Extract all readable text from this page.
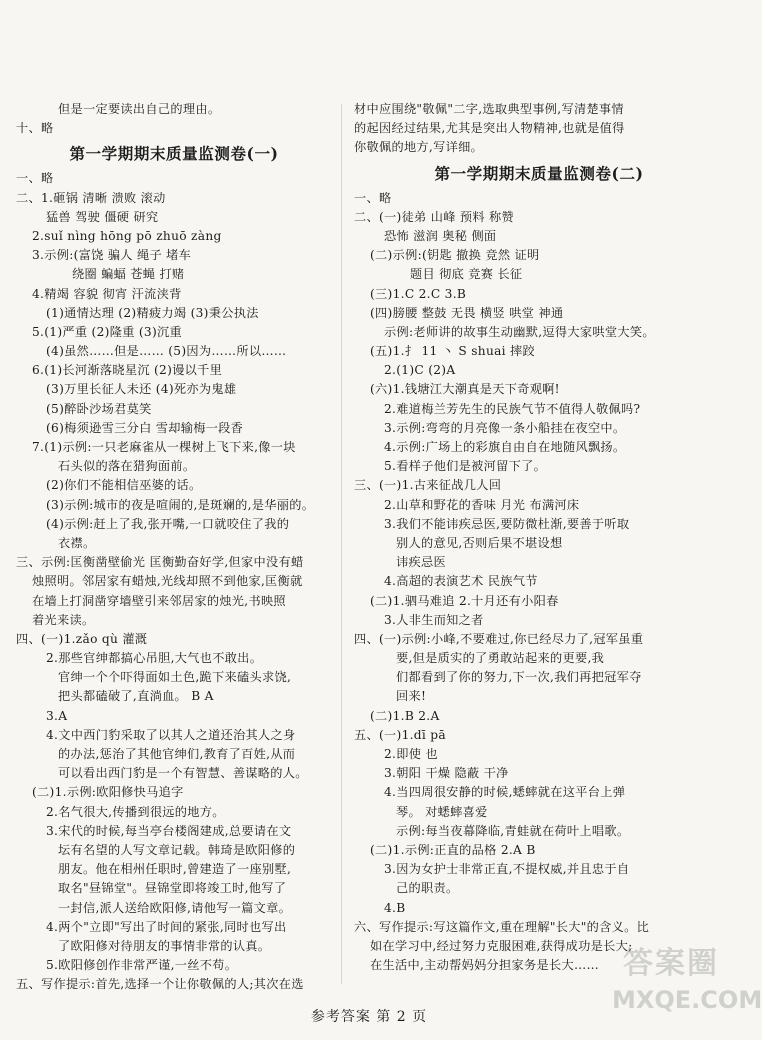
但是一定要读出自己的理由。
十、略
第一学期期末质量监测卷(一)
一、略
二、1.砸锅 清晰 溃败 滚动
猛兽 驾驶 僵硬 研究
2.suǐ nìng hōng pō zhuō zàng
3.示例:(富饶 骗人 绳子 堵车
绕圈 蝙蝠 苍蝇 打赌
4.精竭 容貌 彻宵 汗流浃背
(1)通情达理 (2)精疲力竭 (3)秉公执法
5.(1)严重 (2)隆重 (3)沉重
(4)虽然……但是…… (5)因为……所以……
6.(1)长河渐落晓星沉 (2)谩以千里
(3)万里长征人未还 (4)死亦为鬼雄
(5)醉卧沙场君莫笑
(6)梅须逊雪三分白 雪却输梅一段香
7.(1)示例:一只老麻雀从一棵树上飞下来,像一块
石头似的落在猎狗面前。
(2)你们不能相信巫婆的话。
(3)示例:城市的夜是喧闹的,是斑斓的,是华丽的。
(4)示例:赶上了我,张开嘴,一口就咬住了我的
衣襟。
三、示例:匡衡凿壁偷光 匡衡勤奋好学,但家中没有蜡
烛照明。邻居家有蜡烛,光线却照不到他家,匡衡就
在墙上打洞凿穿墙壁引来邻居家的烛光,书映照
着光来读。
四、(一)1.zǎo qù 灌溉
2.那些官绅都搞心吊胆,大气也不敢出。
官绅一个个吓得面如土色,跪下来磕头求饶,
把头都磕破了,直淌血。 B A
3.A
4.文中西门豹采取了以其人之道还治其人之身
的办法,惩治了其他官绅们,教育了百姓,从而
可以看出西门豹是一个有智慧、善谋略的人。
(二)1.示例:欧阳修快马追字
2.名气很大,传播到很远的地方。
3.宋代的时候,每当亭台楼阁建成,总要请在文
坛有名望的人写文章记载。韩琦是欧阳修的
朋友。他在相州任职时,曾建造了一座别墅,
取名"昼锦堂"。昼锦堂即将竣工时,他写了
一封信,派人送给欧阳修,请他写一篇文章。
4.两个"立即"写出了时间的紧张,同时也写出
了欧阳修对待朋友的事情非常的认真。
5.欧阳修创作非常严谨,一丝不苟。
五、写作提示:首先,选择一个让你敬佩的人;其次在选
材中应围绕"敬佩"二字,选取典型事例,写清楚事情
的起因经过结果,尤其是突出人物精神,也就是值得
你敬佩的地方,写详细。
第一学期期末质量监测卷(二)
一、略
二、(一)徒弟 山峰 预料 称赞
恐怖 滋润 奥秘 侧面
(二)示例:(钥匙 撤换 竞然 证明
题目 彻底 竞赛 长征
(三)1.C 2.C 3.B
(四)膀腰 整鼓 无畏 横竖 哄堂 神通
示例:老师讲的故事生动幽默,逗得大家哄堂大笑。
(五)1.扌 11 丶 S shuai 摔跤
2.(1)C (2)A
(六)1.钱塘江大潮真是天下奇观啊!
2.难道梅兰芳先生的民族气节不值得人敬佩吗?
3.示例:弯弯的月亮像一条小船挂在夜空中。
4.示例:广场上的彩旗自由自在地随风飘扬。
5.看样子他们是被河留下了。
三、(一)1.古来征战几人回
2.山草和野花的香味 月光 布满河床
3.我们不能讳疾忌医,要防微杜渐,要善于听取
别人的意见,否则后果不堪设想
讳疾忌医
4.高超的表演艺术 民族气节
(二)1.驷马难追 2.十月还有小阳春
3.人非生而知之者
四、(一)示例:小峰,不要难过,你已经尽力了,冠军虽重
要,但是质实的了勇敢站起来的更要,我
们都看到了你的努力,下一次,我们再把冠军夺
回来!
(二)1.B 2.A
五、(一)1.dī pā
2.即使 也
3.朝阳 干燥 隐蔽 干净
4.当四周很安静的时候,蟋蟀就在这平台上弹
琴。 对蟋蟀喜爱
示例:每当夜幕降临,青蛙就在荷叶上唱歌。
(二)1.示例:正直的品格 2.A B
3.因为女护士非常正直,不提权威,并且忠于自
己的职责。
4.B
六、写作提示:写这篇作文,重在理解"长大"的含义。比
如在学习中,经过努力克服困难,获得成功是长大;
在生活中,主动帮妈妈分担家务是长大……
参考答案 第 2 页
答案圈
MXQE.COM
